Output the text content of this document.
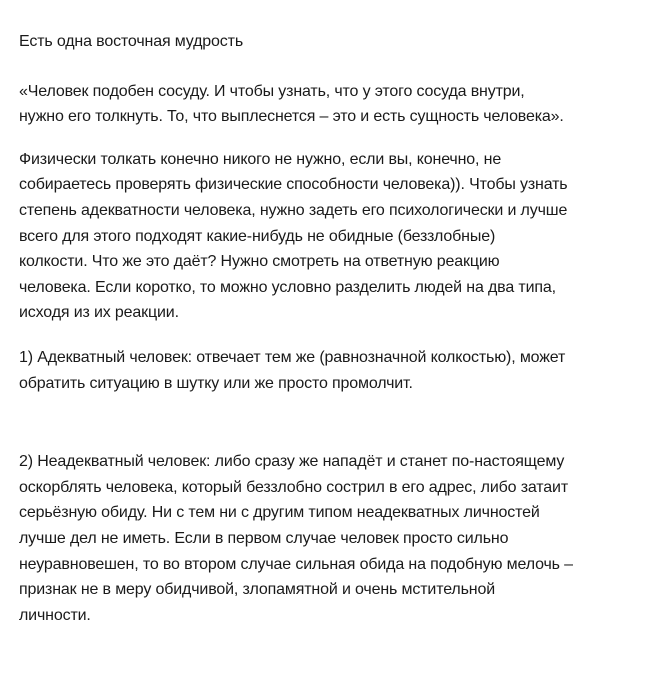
Есть одна восточная мудрость

«Человек подобен сосуду. И чтобы узнать, что у этого сосуда внутри,
нужно его толкнуть. То, что выплеснется – это и есть сущность человека».

Физически толкать конечно никого не нужно, если вы, конечно, не
собираетесь проверять физические способности человека)). Чтобы узнать
степень адекватности человека, нужно задеть его психологически и лучше
всего для этого подходят какие-нибудь не обидные (беззлобные)
колкости. Что же это даёт? Нужно смотреть на ответную реакцию
человека. Если коротко, то можно условно разделить людей на два типа,
исходя из их реакции.

1) Адекватный человек: отвечает тем же (равнозначной колкостью), может
обратить ситуацию в шутку или же просто промолчит.

2) Неадекватный человек: либо сразу же нападёт и станет по-настоящему
оскорблять человека, который беззлобно сострил в его адрес, либо затаит
серьёзную обиду. Ни с тем ни с другим типом неадекватных личностей
лучше дел не иметь. Если в первом случае человек просто сильно
неуравновешен, то во втором случае сильная обида на подобную мелочь –
признак не в меру обидчивой, злопамятной и очень мстительной
личности.
